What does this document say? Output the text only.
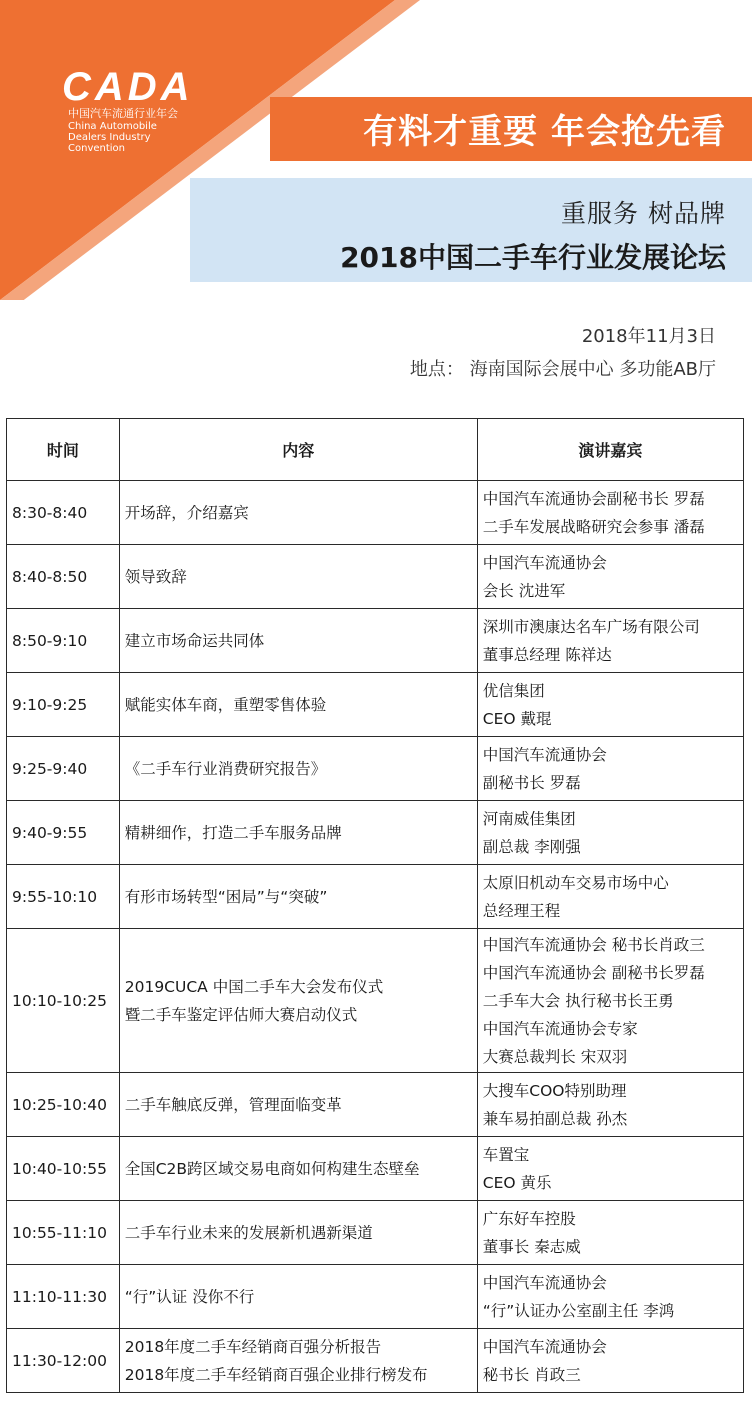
CADA
中国汽车流通行业年会
China Automobile Dealers Industry Convention	有料才重要 年会抢先看
重服务 树品牌
2018中国二手车行业发展论坛
2018年11月3日
地点： 海南国际会展中心 多功能AB厅
时间	内容	演讲嘉宾
8:30-8:40	开场辞，介绍嘉宾	中国汽车流通协会副秘书长 罗磊
二手车发展战略研究会参事 潘磊

8:40-8:50	领导致辞	中国汽车流通协会
会长 沈进军

8:50-9:10	建立市场命运共同体	深圳市澳康达名车广场有限公司
董事总经理 陈祥达

9:10-9:25	赋能实体车商，重塑零售体验	优信集团
CEO 戴琨

9:25-9:40	《二手车行业消费研究报告》	中国汽车流通协会
副秘书长 罗磊

9:40-9:55	精耕细作，打造二手车服务品牌	河南威佳集团
副总裁 李刚强

9:55-10:10	有形市场转型“困局”与“突破”	太原旧机动车交易市场中心
总经理王程

10:10-10:25	2019CUCA 中国二手车大会发布仪式
暨二手车鉴定评估师大赛启动仪式	中国汽车流通协会 秘书长肖政三
中国汽车流通协会 副秘书长罗磊
二手车大会 执行秘书长王勇
中国汽车流通协会专家
大赛总裁判长 宋双羽

10:25-10:40	二手车触底反弹，管理面临变革	大搜车COO特别助理
兼车易拍副总裁 孙杰

10:40-10:55	全国C2B跨区域交易电商如何构建生态壁垒	车置宝
CEO 黄乐

10:55-11:10	二手车行业未来的发展新机遇新渠道	广东好车控股
董事长 秦志威

11:10-11:30	“行”认证 没你不行	中国汽车流通协会
“行”认证办公室副主任 李鸿

11:30-12:00	2018年度二手车经销商百强分析报告
2018年度二手车经销商百强企业排行榜发布	中国汽车流通协会
秘书长 肖政三
